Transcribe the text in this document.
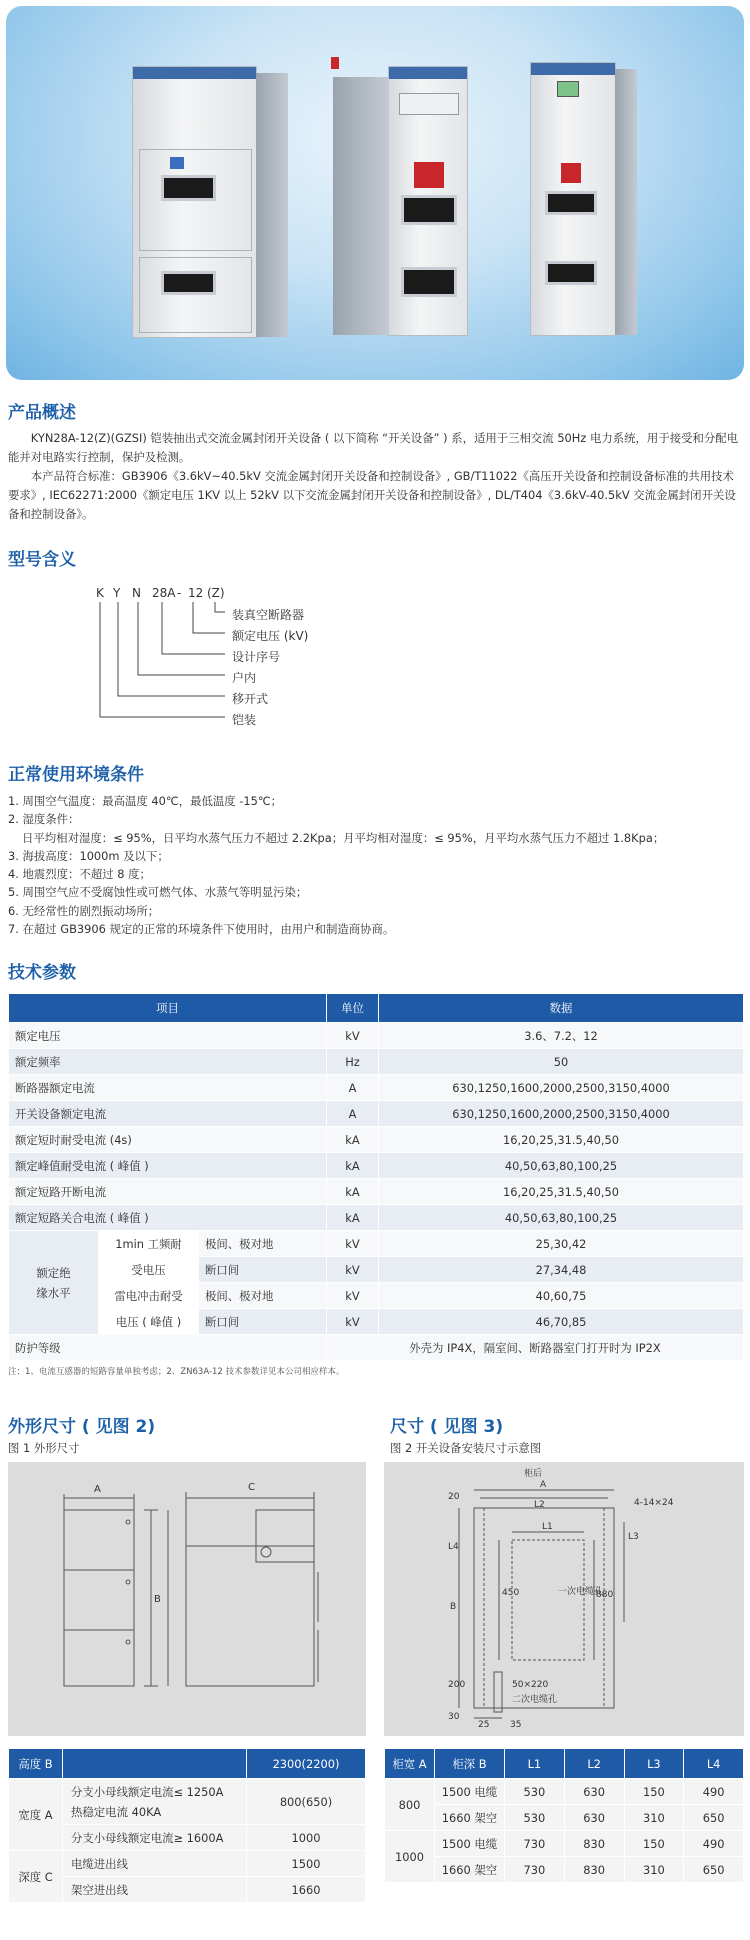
产品概述

KYN28A-12(Z)(GZSI) 铠装抽出式交流金属封闭开关设备 ( 以下简称 “开关设备” ) 系，适用于三相交流 50Hz 电力系统，用于接受和分配电能并对电路实行控制，保护及检测。

本产品符合标准：GB3906《3.6kV~40.5kV 交流金属封闭开关设备和控制设备》, GB/T11022《高压开关设备和控制设备标准的共用技术要求》, IEC62271:2000《额定电压 1KV 以上 52kV 以下交流金属封闭开关设备和控制设备》, DL/T404《3.6kV-40.5kV 交流金属封闭开关设备和控制设备》。

型号含义
K Y N 28A - 12 (Z)
装真空断路器
额定电压 (kV)
设计序号
户内
移开式
铠装
正常使用环境条件
1. 周围空气温度：最高温度 40℃，最低温度 -15℃；
2. 湿度条件：
日平均相对湿度：≤ 95%，日平均水蒸气压力不超过 2.2Kpa；月平均相对湿度：≤ 95%，月平均水蒸气压力不超过 1.8Kpa；
3. 海拔高度：1000m 及以下；
4. 地震烈度：不超过 8 度；
5. 周围空气应不受腐蚀性或可燃气体、水蒸气等明显污染；
6. 无经常性的剧烈振动场所；
7. 在超过 GB3906 规定的正常的环境条件下使用时，由用户和制造商协商。
技术参数
项目			单位	数据
额定电压			kV	3.6、7.2、12
额定频率			Hz	50
断路器额定电流			A	630,1250,1600,2000,2500,3150,4000
开关设备额定电流			A	630,1250,1600,2000,2500,3150,4000
额定短时耐受电流 (4s)			kA	16,20,25,31.5,40,50
额定峰值耐受电流 ( 峰值 )			kA	40,50,63,80,100,25
额定短路开断电流			kA	16,20,25,31.5,40,50
额定短路关合电流 ( 峰值 )			kA	40,50,63,80,100,25
额定绝
缘水平	1min 工频耐	极间、极对地	kV	25,30,42
	受电压	断口间	kV	27,34,48
	雷电冲击耐受	极间、极对地	kV	40,60,75
	电压 ( 峰值 )	断口间	kV	46,70,85
防护等级			外壳为 IP4X，隔室间、断路器室门打开时为 IP2X	
注：1、电流互感器的短路容量单独考虑；2、ZN63A-12 技术参数详见本公司相应样本。
外形尺寸 ( 见图 2)
图 1 外形尺寸
A
B
C
高度 B		2300(2200)
宽度 A	分支小母线额定电流≤ 1250A
热稳定电流 40KA	800(650)
	分支小母线额定电流≥ 1600A	1000
深度 C	电缆进出线	1500
	架空进出线	1660
尺寸 ( 见图 3)
图 2 开关设备安装尺寸示意图
柜后
A
L2	4-14×24
L1
一次电缆孔
50×220
二次电缆孔
20
L4
L3
450	880
B
200
30
25 35
柜宽 A	柜深 B	L1	L2	L3	L4
800	1500 电缆	530	630	150	490
	1660 架空	530	630	310	650
1000	1500 电缆	730	830	150	490
	1660 架空	730	830	310	650
